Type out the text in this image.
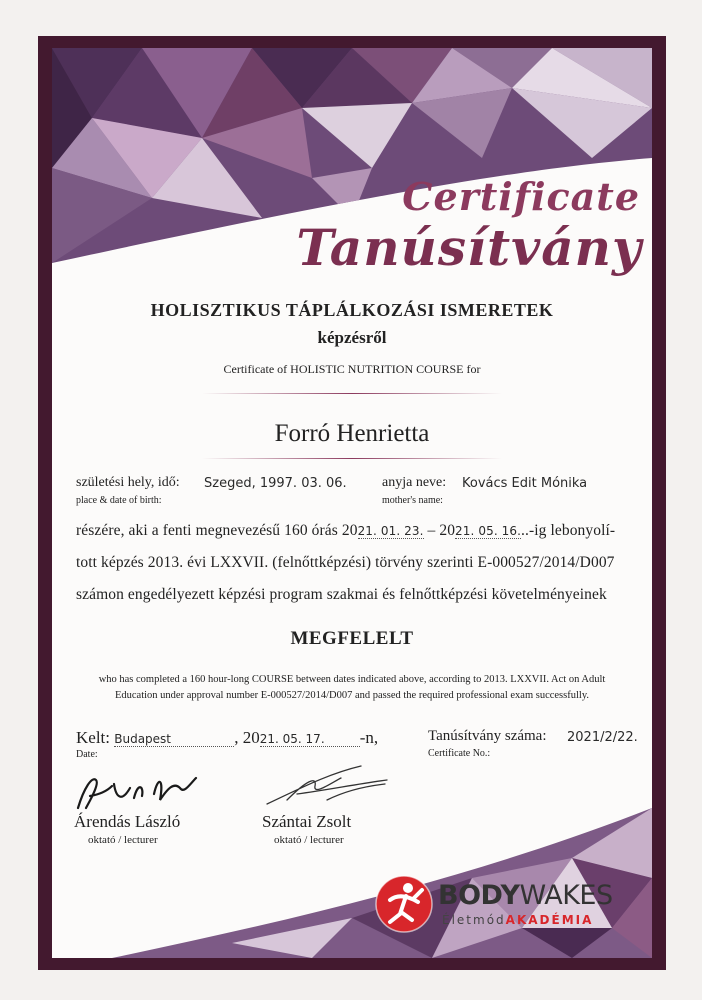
Certificate
Tanúsítvány
HOLISZTIKUS TÁPLÁLKOZÁSI ISMERETEK
képzésről
Certificate of HOLISTIC NUTRITION COURSE for
Forró Henrietta
születési hely, idő: Szeged, 1997. 03. 06.
place & date of birth:
anyja neve: Kovács Edit Mónika
mother's name:
részére, aki a fenti megnevezésű 160 órás 2021. 01. 23. – 2021. 05. 16...-ig lebonyolí-
tott képzés 2013. évi LXXVII. (felnőttképzési) törvény szerinti E-000527/2014/D007
számon engedélyezett képzési program szakmai és felnőttképzési követelményeinek
MEGFELELT
who has completed a 160 hour-long COURSE between dates indicated above, according to 2013. LXXVII. Act on Adult
Education under approval number E-000527/2014/D007 and passed the required professional exam successfully.
Kelt: Budapest	, 2021. 05. 17. -n,
Date:
Tanúsítvány száma: 2021/2/22.
Certificate No.:
Árendás László
oktató / lecturer
Szántai Zsolt
oktató / lecturer
BODYWAKES
ÉletmódAKADÉMIA
